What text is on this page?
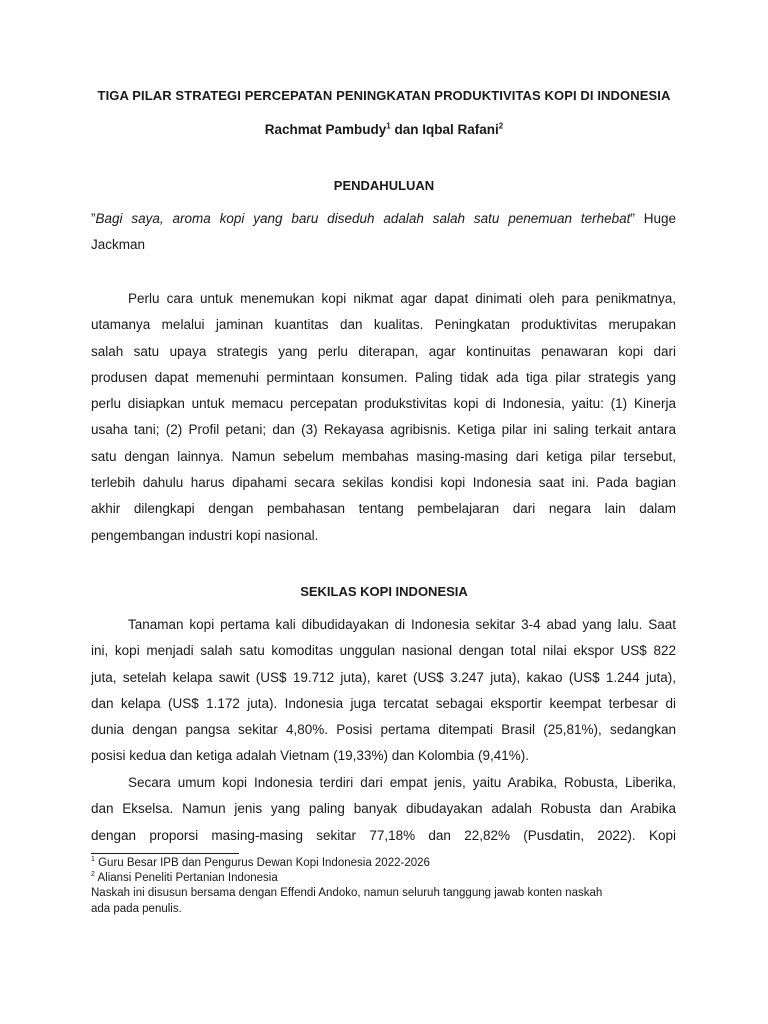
TIGA PILAR STRATEGI PERCEPATAN PENINGKATAN PRODUKTIVITAS KOPI DI INDONESIA
Rachmat Pambudy$^1$ dan Iqbal Rafani$^2$
PENDAHULUAN
”Bagi saya, aroma kopi yang baru diseduh adalah salah satu penemuan terhebat” Huge
Jackman
Perlu cara untuk menemukan kopi nikmat agar dapat dinimati oleh para penikmatnya,
utamanya melalui jaminan kuantitas dan kualitas. Peningkatan produktivitas merupakan
salah satu upaya strategis yang perlu diterapan, agar kontinuitas penawaran kopi dari
produsen dapat memenuhi permintaan konsumen. Paling tidak ada tiga pilar strategis yang
perlu disiapkan untuk memacu percepatan produkstivitas kopi di Indonesia, yaitu: (1) Kinerja
usaha tani; (2) Profil petani; dan (3) Rekayasa agribisnis. Ketiga pilar ini saling terkait antara
satu dengan lainnya. Namun sebelum membahas masing-masing dari ketiga pilar tersebut,
terlebih dahulu harus dipahami secara sekilas kondisi kopi Indonesia saat ini. Pada bagian
akhir dilengkapi dengan pembahasan tentang pembelajaran dari negara lain dalam
pengembangan industri kopi nasional.
SEKILAS KOPI INDONESIA
Tanaman kopi pertama kali dibudidayakan di Indonesia sekitar 3-4 abad yang lalu. Saat
ini, kopi menjadi salah satu komoditas unggulan nasional dengan total nilai ekspor US$ 822
juta, setelah kelapa sawit (US$ 19.712 juta), karet (US$ 3.247 juta), kakao (US$ 1.244 juta),
dan kelapa (US$ 1.172 juta). Indonesia juga tercatat sebagai eksportir keempat terbesar di
dunia dengan pangsa sekitar 4,80%. Posisi pertama ditempati Brasil (25,81%), sedangkan
posisi kedua dan ketiga adalah Vietnam (19,33%) dan Kolombia (9,41%).
Secara umum kopi Indonesia terdiri dari empat jenis, yaitu Arabika, Robusta, Liberika,
dan Ekselsa. Namun jenis yang paling banyak dibudayakan adalah Robusta dan Arabika
dengan proporsi masing-masing sekitar 77,18% dan 22,82% (Pusdatin, 2022). Kopi
$^1$ Guru Besar IPB dan Pengurus Dewan Kopi Indonesia 2022-2026
$^2$ Aliansi Peneliti Pertanian Indonesia
Naskah ini disusun bersama dengan Effendi Andoko, namun seluruh tanggung jawab konten naskah
ada pada penulis.
